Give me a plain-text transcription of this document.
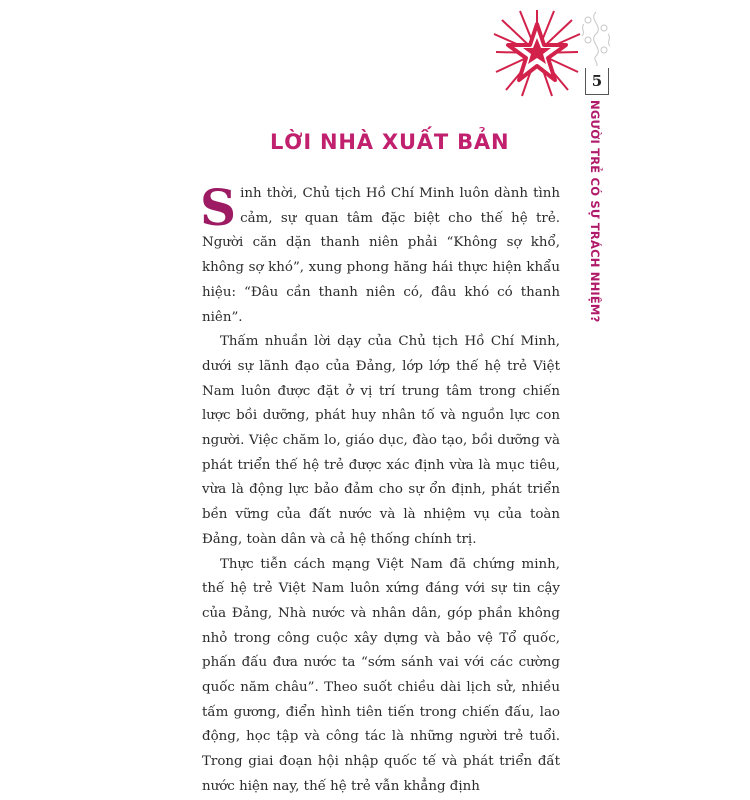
5
NGƯỜI TRẺ CÓ SỰ TRÁCH NHIỆM?
LỜI NHÀ XUẤT BẢN

Sinh thời, Chủ tịch Hồ Chí Minh luôn dành tình cảm, sự quan tâm đặc biệt cho thế hệ trẻ. Người căn dặn thanh niên phải “Không sợ khổ, không sợ khó”, xung phong hăng hái thực hiện khẩu hiệu: “Đâu cần thanh niên có, đâu khó có thanh niên”.

Thấm nhuần lời dạy của Chủ tịch Hồ Chí Minh, dưới sự lãnh đạo của Đảng, lớp lớp thế hệ trẻ Việt Nam luôn được đặt ở vị trí trung tâm trong chiến lược bồi dưỡng, phát huy nhân tố và nguồn lực con người. Việc chăm lo, giáo dục, đào tạo, bồi dưỡng và phát triển thế hệ trẻ được xác định vừa là mục tiêu, vừa là động lực bảo đảm cho sự ổn định, phát triển bền vững của đất nước và là nhiệm vụ của toàn Đảng, toàn dân và cả hệ thống chính trị.

Thực tiễn cách mạng Việt Nam đã chứng minh, thế hệ trẻ Việt Nam luôn xứng đáng với sự tin cậy của Đảng, Nhà nước và nhân dân, góp phần không nhỏ trong công cuộc xây dựng và bảo vệ Tổ quốc, phấn đấu đưa nước ta “sớm sánh vai với các cường quốc năm châu”. Theo suốt chiều dài lịch sử, nhiều tấm gương, điển hình tiên tiến trong chiến đấu, lao động, học tập và công tác là những người trẻ tuổi. Trong giai đoạn hội nhập quốc tế và phát triển đất nước hiện nay, thế hệ trẻ vẫn khẳng định
